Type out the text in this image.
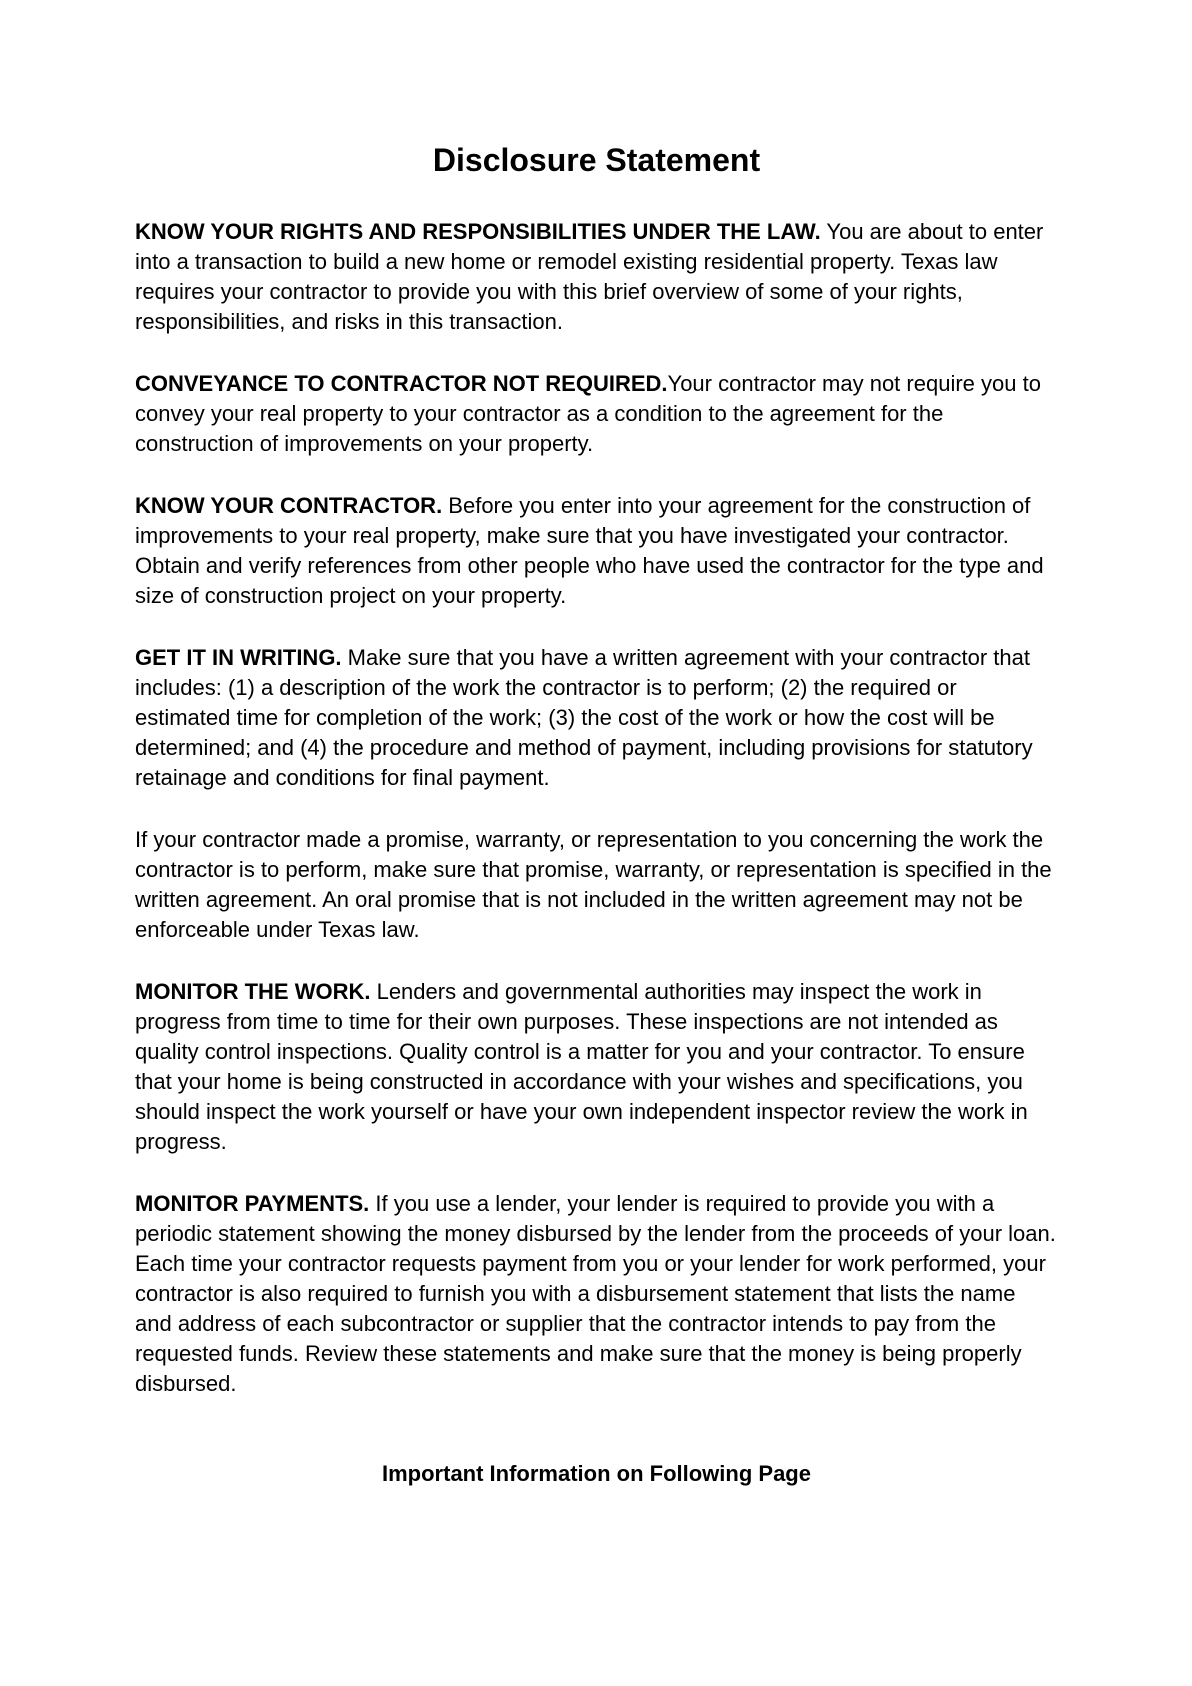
Disclosure Statement

KNOW YOUR RIGHTS AND RESPONSIBILITIES UNDER THE LAW. You are about to enter into a transaction to build a new home or remodel existing residential property. Texas law requires your contractor to provide you with this brief overview of some of your rights, responsibilities, and risks in this transaction.

CONVEYANCE TO CONTRACTOR NOT REQUIRED.Your contractor may not require you to convey your real property to your contractor as a condition to the agreement for the construction of improvements on your property.

KNOW YOUR CONTRACTOR. Before you enter into your agreement for the construction of improvements to your real property, make sure that you have investigated your contractor. Obtain and verify references from other people who have used the contractor for the type and size of construction project on your property.

GET IT IN WRITING. Make sure that you have a written agreement with your contractor that includes: (1) a description of the work the contractor is to perform; (2) the required or estimated time for completion of the work; (3) the cost of the work or how the cost will be determined; and (4) the procedure and method of payment, including provisions for statutory retainage and conditions for final payment.

If your contractor made a promise, warranty, or representation to you concerning the work the contractor is to perform, make sure that promise, warranty, or representation is specified in the written agreement. An oral promise that is not included in the written agreement may not be enforceable under Texas law.

MONITOR THE WORK. Lenders and governmental authorities may inspect the work in progress from time to time for their own purposes. These inspections are not intended as quality control inspections. Quality control is a matter for you and your contractor. To ensure that your home is being constructed in accordance with your wishes and specifications, you should inspect the work yourself or have your own independent inspector review the work in progress.

MONITOR PAYMENTS. If you use a lender, your lender is required to provide you with a periodic statement showing the money disbursed by the lender from the proceeds of your loan. Each time your contractor requests payment from you or your lender for work performed, your contractor is also required to furnish you with a disbursement statement that lists the name and address of each subcontractor or supplier that the contractor intends to pay from the requested funds. Review these statements and make sure that the money is being properly disbursed.

Important Information on Following Page
